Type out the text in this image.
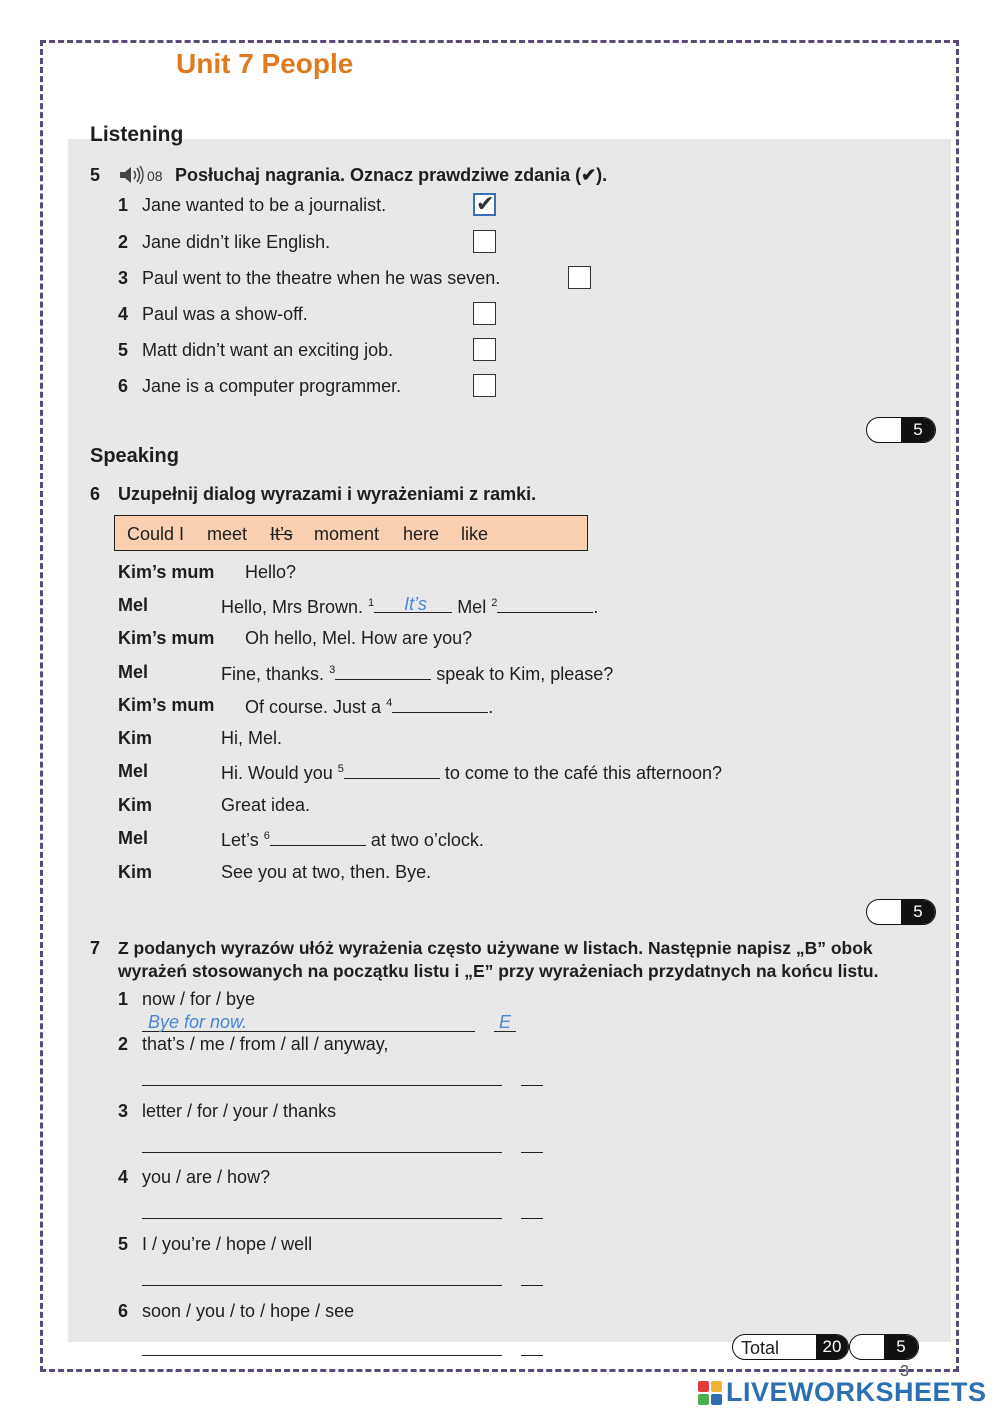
Unit 7 People
Listening
5	08 Posłuchaj nagrania. Oznacz prawdziwe zdania (✔).
1 Jane wanted to be a journalist.	✔
2 Jane didn’t like English.
3 Paul went to the theatre when he was seven.
4 Paul was a show-off.
5 Matt didn’t want an exciting job.
6 Jane is a computer programmer.
5
Speaking
6 Uzupełnij dialog wyrazami i wyrażeniami z ramki.
Could I meet It’s moment here like
Kim’s mum Hello?
Mel	Hello, Mrs Brown. $^1$ It’s Mel $^2$	.
Kim’s mum Oh hello, Mel. How are you?
Mel	Fine, thanks. $^3$	speak to Kim, please?
Kim’s mum Of course. Just a $^4$	.
Kim	Hi, Mel.
Mel	Hi. Would you $^5$	to come to the café this afternoon?
Kim	Great idea.
Mel	Let’s $^6$	at two o’clock.
Kim	See you at two, then. Bye.
5
7 Z podanych wyrazów ułóż wyrażenia często używane w listach. Następnie napisz „B” obok
wyrażeń stosowanych na początku listu i „E” przy wyrażeniach przydatnych na końcu listu.
1 now / for / bye
Bye for now.	E
2 that’s / me / from / all / anyway,
3 letter / for / your / thanks
4 you / are / how?
5 I / you’re / hope / well
6 soon / you / to / hope / see
Total	20	5
3
LIVEWORKSHEETS
